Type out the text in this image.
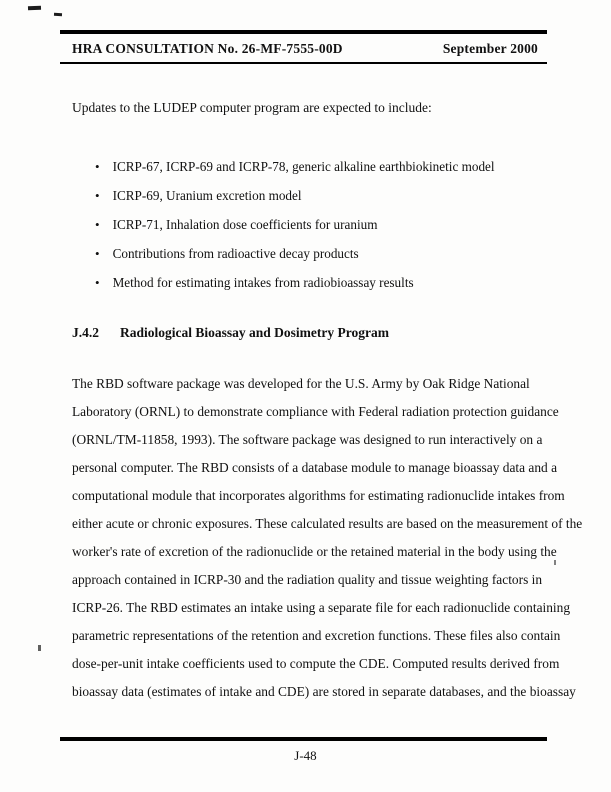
HRA CONSULTATION No. 26-MF-7555-00D	September 2000
Updates to the LUDEP computer program are expected to include:
• ICRP-67, ICRP-69 and ICRP-78, generic alkaline earthbiokinetic model
• ICRP-69, Uranium excretion model
• ICRP-71, Inhalation dose coefficients for uranium
• Contributions from radioactive decay products
• Method for estimating intakes from radiobioassay results
J.4.2 Radiological Bioassay and Dosimetry Program
The RBD software package was developed for the U.S. Army by Oak Ridge National
Laboratory (ORNL) to demonstrate compliance with Federal radiation protection guidance
(ORNL/TM-11858, 1993). The software package was designed to run interactively on a
personal computer. The RBD consists of a database module to manage bioassay data and a
computational module that incorporates algorithms for estimating radionuclide intakes from
either acute or chronic exposures. These calculated results are based on the measurement of the
worker's rate of excretion of the radionuclide or the retained material in the body using the
approach contained in ICRP-30 and the radiation quality and tissue weighting factors in
ICRP-26. The RBD estimates an intake using a separate file for each radionuclide containing
parametric representations of the retention and excretion functions. These files also contain
dose-per-unit intake coefficients used to compute the CDE. Computed results derived from
bioassay data (estimates of intake and CDE) are stored in separate databases, and the bioassay
J-48
